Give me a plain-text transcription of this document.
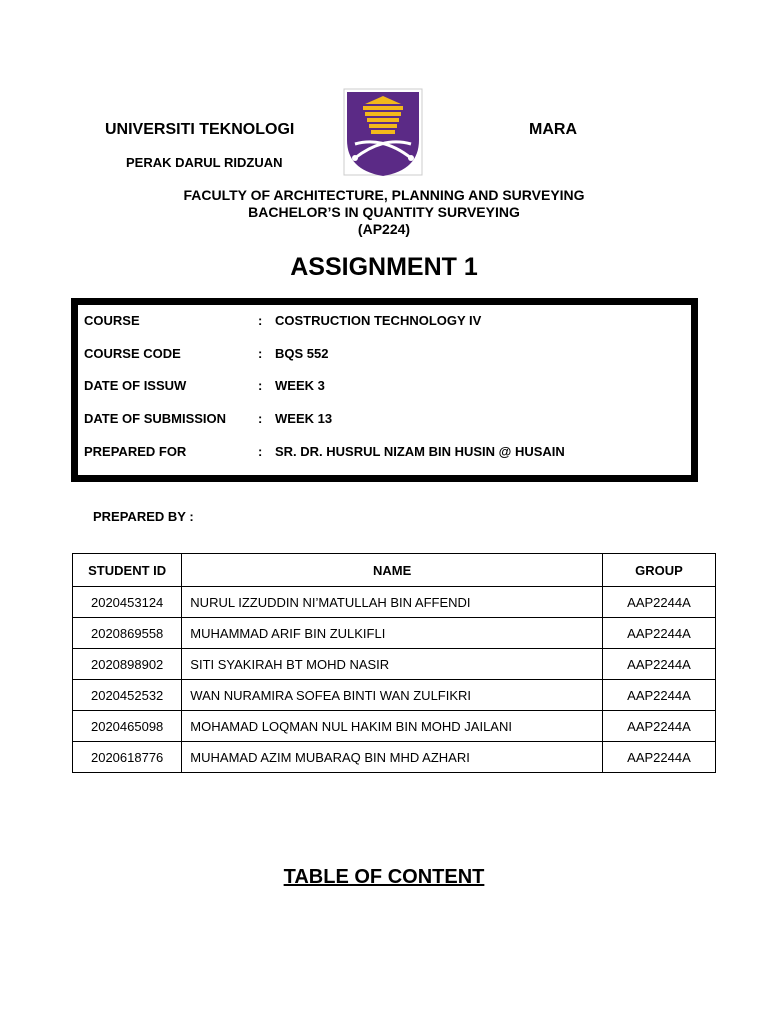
UNIVERSITI TEKNOLOGI	MARA
PERAK DARUL RIDZUAN
FACULTY OF ARCHITECTURE, PLANNING AND SURVEYING
BACHELOR’S IN QUANTITY SURVEYING
(AP224)
ASSIGNMENT 1
COURSE	: COSTRUCTION TECHNOLOGY IV
COURSE CODE	: BQS 552
DATE OF ISSUW	: WEEK 3
DATE OF SUBMISSION	: WEEK 13
PREPARED FOR	: SR. DR. HUSRUL NIZAM BIN HUSIN @ HUSAIN
PREPARED BY :
STUDENT ID	NAME	GROUP
2020453124	NURUL IZZUDDIN NI’MATULLAH BIN AFFENDI	AAP2244A
2020869558	MUHAMMAD ARIF BIN ZULKIFLI	AAP2244A
2020898902	SITI SYAKIRAH BT MOHD NASIR	AAP2244A
2020452532	WAN NURAMIRA SOFEA BINTI WAN ZULFIKRI	AAP2244A
2020465098	MOHAMAD LOQMAN NUL HAKIM BIN MOHD JAILANI	AAP2244A
2020618776	MUHAMAD AZIM MUBARAQ BIN MHD AZHARI	AAP2244A
TABLE OF CONTENT
